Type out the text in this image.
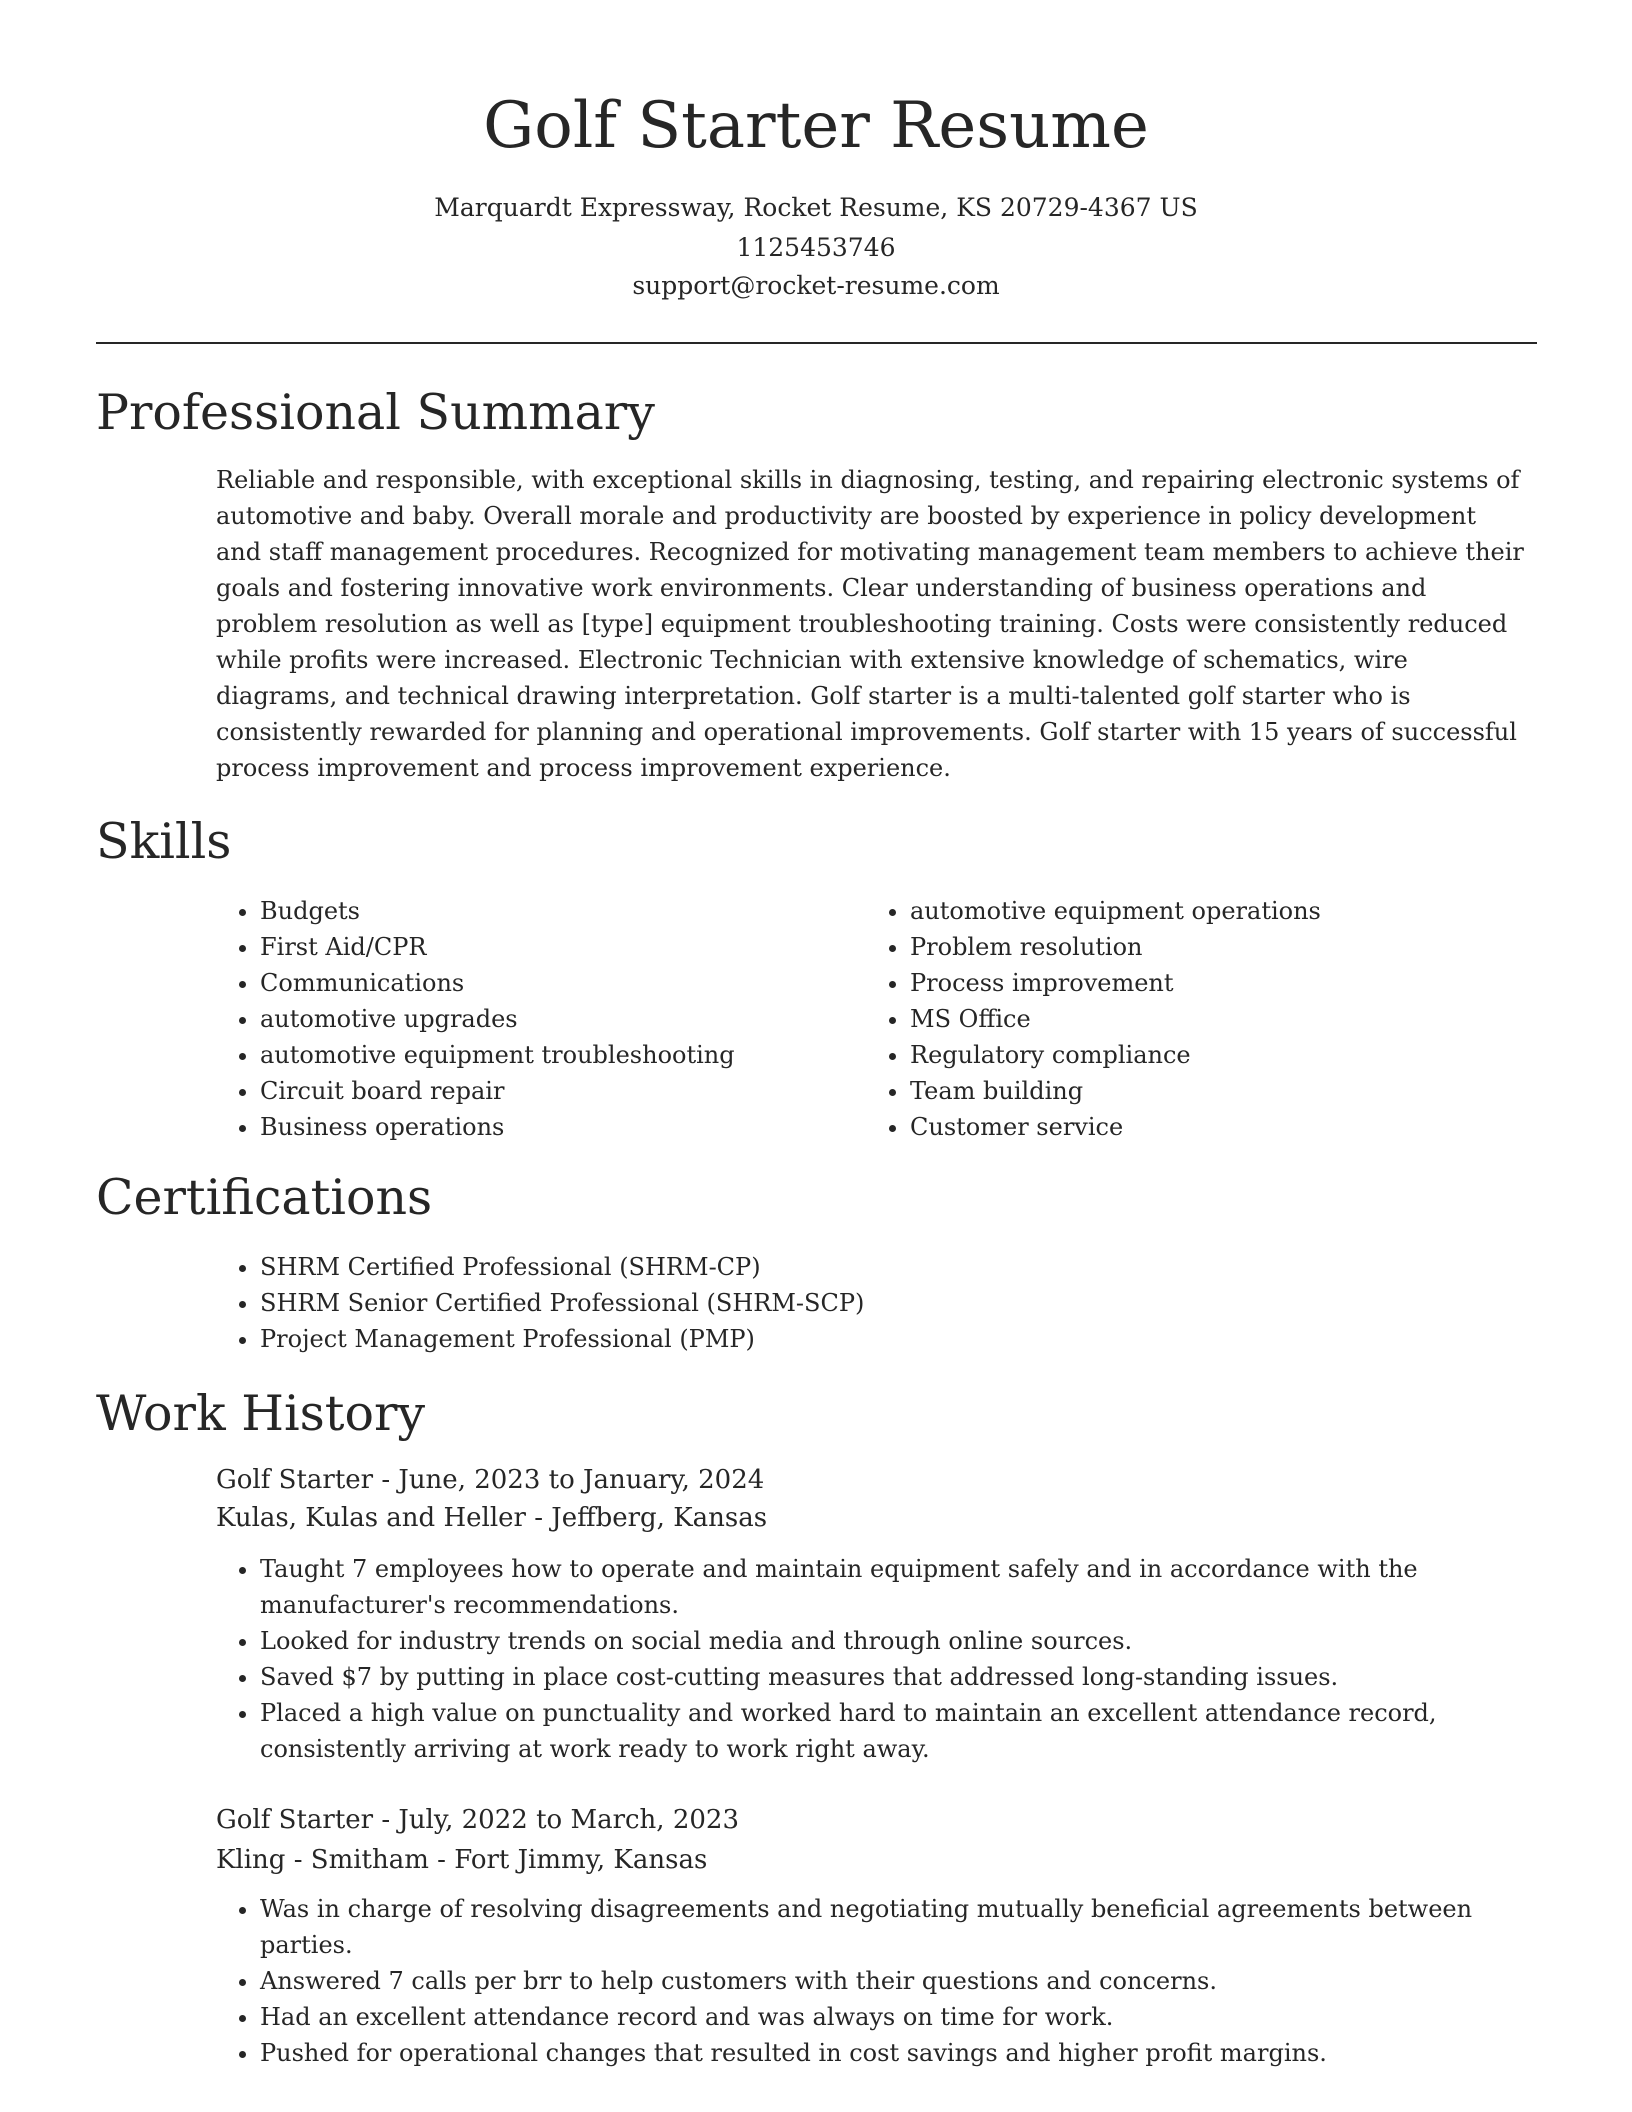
Golf Starter Resume
Marquardt Expressway, Rocket Resume, KS 20729-4367 US
1125453746
support@rocket-resume.com
Professional Summary

Reliable and responsible, with exceptional skills in diagnosing, testing, and repairing electronic systems of automotive and baby. Overall morale and productivity are boosted by experience in policy development and staff management procedures. Recognized for motivating management team members to achieve their goals and fostering innovative work environments. Clear understanding of business operations and problem resolution as well as [type] equipment troubleshooting training. Costs were consistently reduced while profits were increased. Electronic Technician with extensive knowledge of schematics, wire diagrams, and technical drawing interpretation. Golf starter is a multi-talented golf starter who is consistently rewarded for planning and operational improvements. Golf starter with 15 years of successful process improvement and process improvement experience.

Skills
• Budgets
• First Aid/CPR
• Communications
• automotive upgrades
• automotive equipment troubleshooting
• Circuit board repair
• Business operations
• automotive equipment operations
• Problem resolution
• Process improvement
• MS Office
• Regulatory compliance
• Team building
• Customer service
Certifications
• SHRM Certified Professional (SHRM-CP)
• SHRM Senior Certified Professional (SHRM-SCP)
• Project Management Professional (PMP)
Work History
Golf Starter - June, 2023 to January, 2024
Kulas, Kulas and Heller - Jeffberg, Kansas
• Taught 7 employees how to operate and maintain equipment safely and in accordance with the manufacturer's recommendations.
• Looked for industry trends on social media and through online sources.
• Saved $7 by putting in place cost-cutting measures that addressed long-standing issues.
• Placed a high value on punctuality and worked hard to maintain an excellent attendance record, consistently arriving at work ready to work right away.
Golf Starter - July, 2022 to March, 2023
Kling - Smitham - Fort Jimmy, Kansas
• Was in charge of resolving disagreements and negotiating mutually beneficial agreements between parties.
• Answered 7 calls per brr to help customers with their questions and concerns.
• Had an excellent attendance record and was always on time for work.
• Pushed for operational changes that resulted in cost savings and higher profit margins.
